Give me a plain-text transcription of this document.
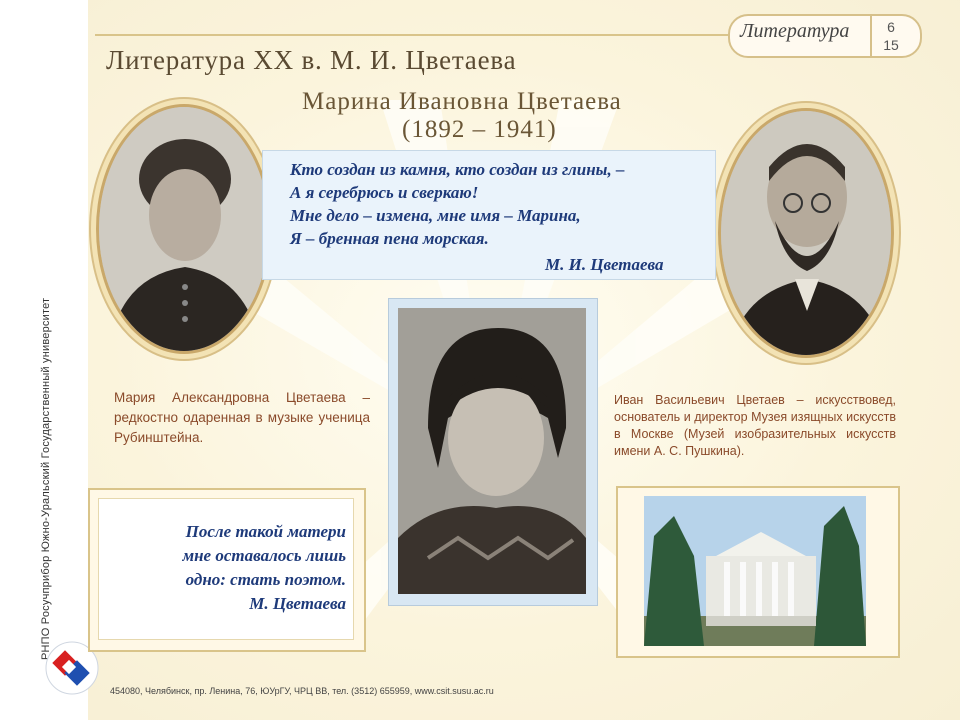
РНПО Росучприбор Южно-Уральский Государственный университет
454080, Челябинск, пр. Ленина, 76, ЮУрГУ, ЧРЦ ВВ, тел. (3512) 655959, www.csit.susu.ac.ru
Литература	6
15
Литература XX в. М. И. Цветаева
Марина Ивановна Цветаева
(1892 – 1941)
Кто создан из камня, кто создан из глины, –
А я серебрюсь и сверкаю!
Мне дело – измена, мне имя – Марина,
Я – бренная пена морская.
М. И. Цветаева
Мария Александровна Цветаева – редкостно одаренная в музыке ученица Рубинштейна.
Иван Васильевич Цветаев – искусствовед, основатель и директор Музея изящных искусств в Москве (Музей изобразительных искусств имени А. С. Пушкина).
После такой матери
мне оставалось лишь
одно: стать поэтом.
М. Цветаева
